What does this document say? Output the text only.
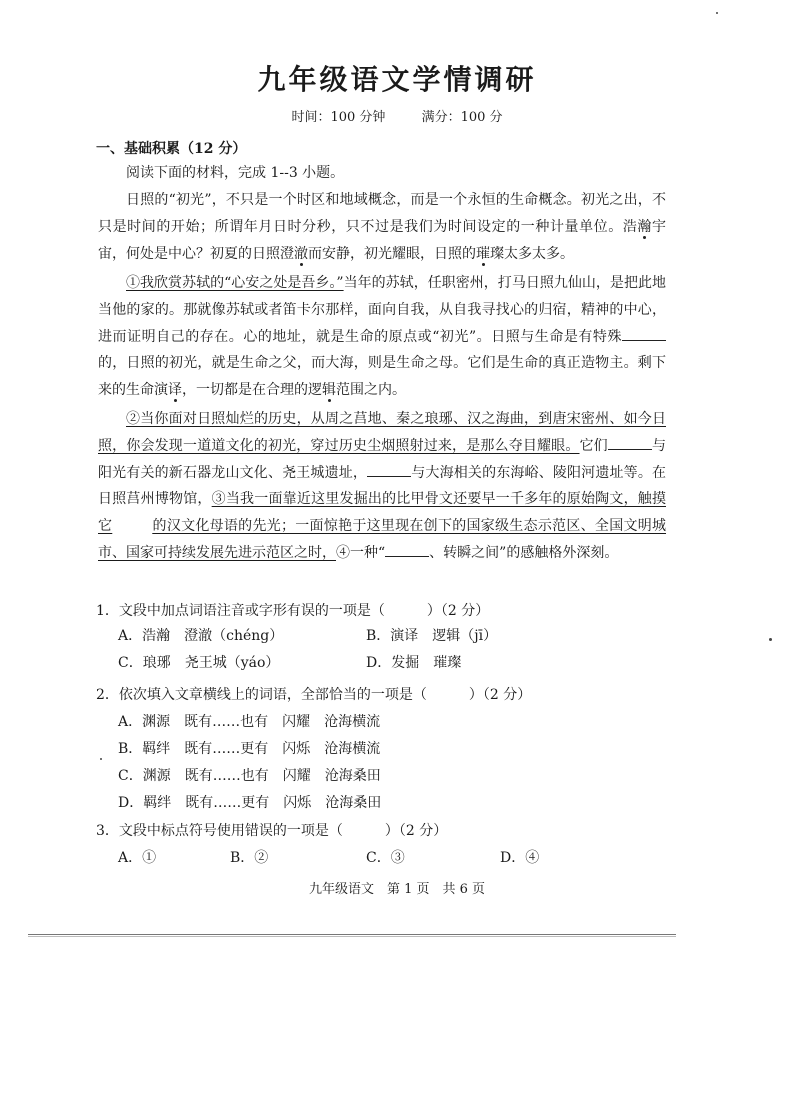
九年级语文学情调研
时间：100 分钟	满分：100 分
一、基础积累（12 分）
阅读下面的材料，完成 1--3 小题。
日照的“初光”，不只是一个时区和地域概念，而是一个永恒的生命概念。初光之出，不只是时间的开始；所谓年月日时分秒，只不过是我们为时间设定的一种计量单位。浩瀚宇宙，何处是中心？初夏的日照澄澈而安静，初光耀眼，日照的璀璨太多太多。
①我欣赏苏轼的“心安之处是吾乡。”当年的苏轼，任职密州，打马日照九仙山，是把此地当他的家的。那就像苏轼或者笛卡尔那样，面向自我，从自我寻找心的归宿，精神的中心，进而证明自己的存在。心的地址，就是生命的原点或“初光”。日照与生命是有特殊的，日照的初光，就是生命之父，而大海，则是生命之母。它们是生命的真正造物主。剩下来的生命演译，一切都是在合理的逻辑范围之内。
②当你面对日照灿烂的历史，从周之莒地、秦之琅琊、汉之海曲，到唐宋密州、如今日照，你会发现一道道文化的初光，穿过历史尘烟照射过来，是那么夺目耀眼。它们	与阳光有关的新石器龙山文化、尧王城遗址，	与大海相关的东海峪、陵阳河遗址等。在日照莒州博物馆，③当我一面靠近这里发掘出的比甲骨文还要早一千多年的原始陶文，触摸它	的汉文化母语的先光；一面惊艳于这里现在创下的国家级生态示范区、全国文明城市、国家可持续发展先进示范区之时，④一种“	、转瞬之间”的感触格外深刻。
1．文段中加点词语注音或字形有误的一项是（　　　）（2 分）
A．浩瀚　澄澈（chéng）	B．演译　逻辑（jī）
C．琅琊　尧王城（yáo）	D．发掘　璀璨
2．依次填入文章横线上的词语，全部恰当的一项是（　　　）（2 分）
A．渊源　既有……也有　闪耀　沧海横流
B．羁绊　既有……更有　闪烁　沧海横流
C．渊源　既有……也有　闪耀　沧海桑田
D．羁绊　既有……更有　闪烁　沧海桑田
3．文段中标点符号使用错误的一项是（　　　）（2 分）
A．①	B．②	C．③	D．④
九年级语文　第 1 页　共 6 页
